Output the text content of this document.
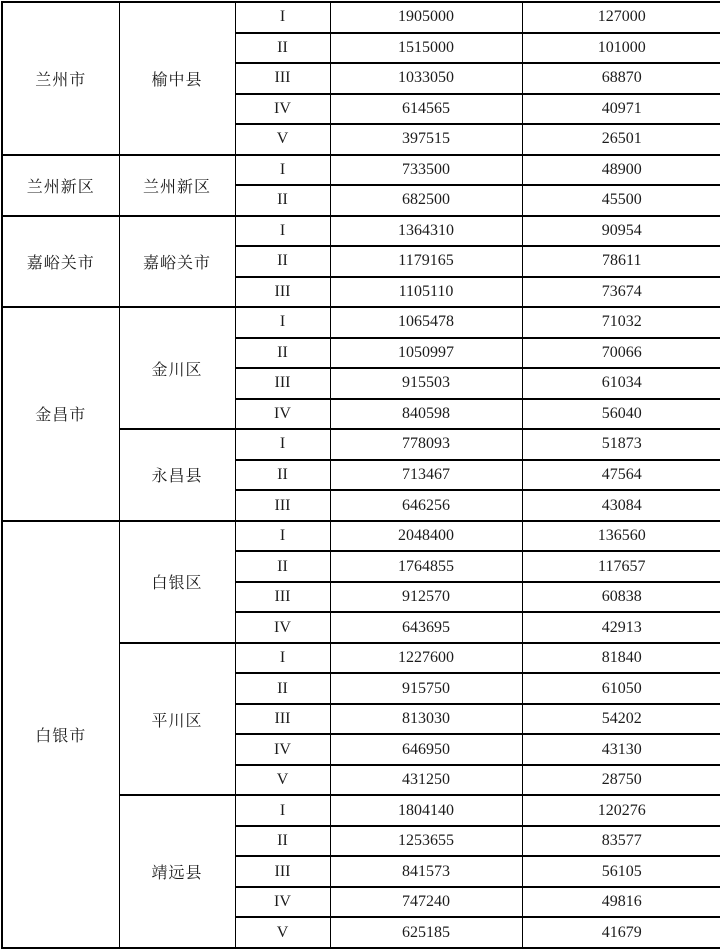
兰州市	榆中县	I	1905000	127000
		II	1515000	101000
		III	1033050	68870
		IV	614565	40971
		V	397515	26501
兰州新区	兰州新区	I	733500	48900
		II	682500	45500
嘉峪关市	嘉峪关市	I	1364310	90954
		II	1179165	78611
		III	1105110	73674
金昌市	金川区	I	1065478	71032
		II	1050997	70066
		III	915503	61034
		IV	840598	56040
	永昌县	I	778093	51873
		II	713467	47564
		III	646256	43084
白银市	白银区	I	2048400	136560
		II	1764855	117657
		III	912570	60838
		IV	643695	42913
	平川区	I	1227600	81840
		II	915750	61050
		III	813030	54202
		IV	646950	43130
		V	431250	28750
	靖远县	I	1804140	120276
		II	1253655	83577
		III	841573	56105
		IV	747240	49816
		V	625185	41679
